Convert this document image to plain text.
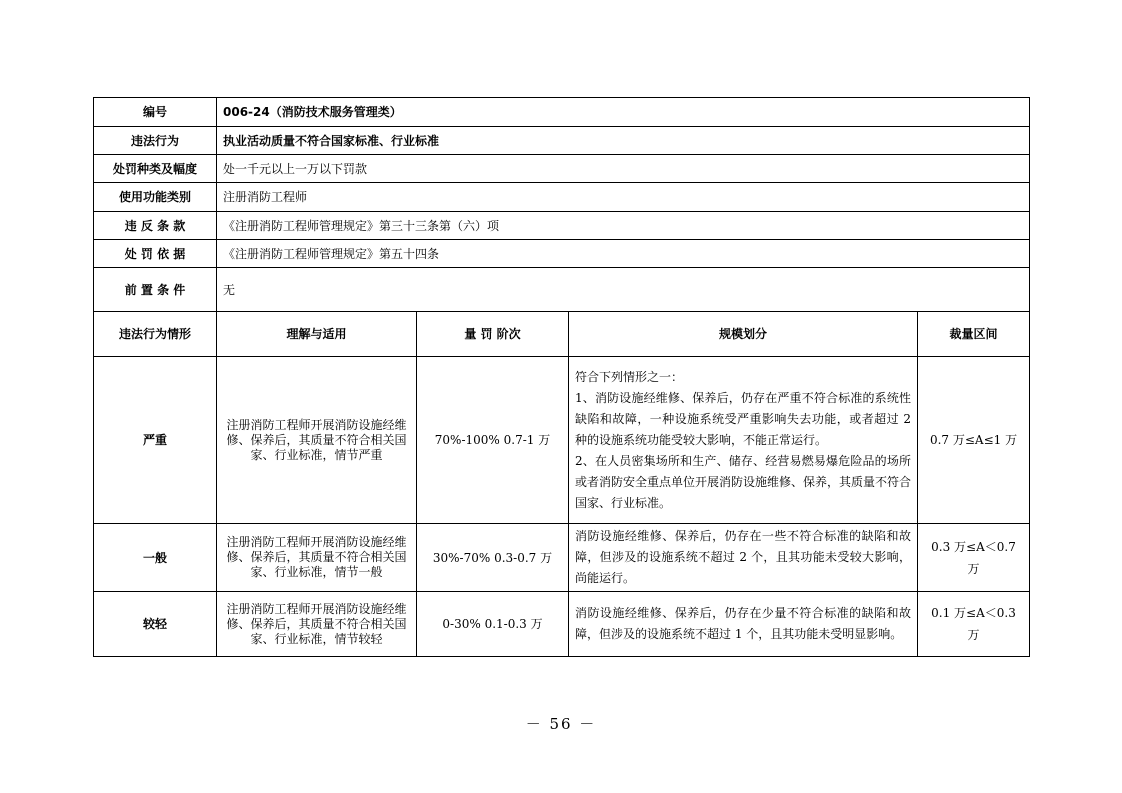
编号	006-24（消防技术服务管理类）			
违法行为	执业活动质量不符合国家标准、行业标准			
处罚种类及幅度	处一千元以上一万以下罚款			
使用功能类别	注册消防工程师			
违 反 条 款	《注册消防工程师管理规定》第三十三条第（六）项			
处 罚 依 据	《注册消防工程师管理规定》第五十四条			
前 置 条 件	无			
违法行为情形	理解与适用	量 罚 阶次	规模划分	裁量区间
严重	注册消防工程师开展消防设施经维修、保养后，其质量不符合相关国家、行业标准，情节严重	70%-100% 0.7-1 万	符合下列情形之一：
1、消防设施经维修、保养后，仍存在严重不符合标准的系统性缺陷和故障，一种设施系统受严重影响失去功能，或者超过 2 种的设施系统功能受较大影响，不能正常运行。
2、在人员密集场所和生产、储存、经营易燃易爆危险品的场所或者消防安全重点单位开展消防设施维修、保养，其质量不符合国家、行业标准。	0.7 万≤A≤1 万
一般	注册消防工程师开展消防设施经维修、保养后，其质量不符合相关国家、行业标准，情节一般	30%-70% 0.3-0.7 万	消防设施经维修、保养后，仍存在一些不符合标准的缺陷和故障，但涉及的设施系统不超过 2 个，且其功能未受较大影响，尚能运行。	0.3 万≤A＜0.7 万
较轻	注册消防工程师开展消防设施经维修、保养后，其质量不符合相关国家、行业标准，情节较轻	0-30% 0.1-0.3 万	消防设施经维修、保养后，仍存在少量不符合标准的缺陷和故障，但涉及的设施系统不超过 1 个，且其功能未受明显影响。	0.1 万≤A＜0.3 万
－ 56 －
